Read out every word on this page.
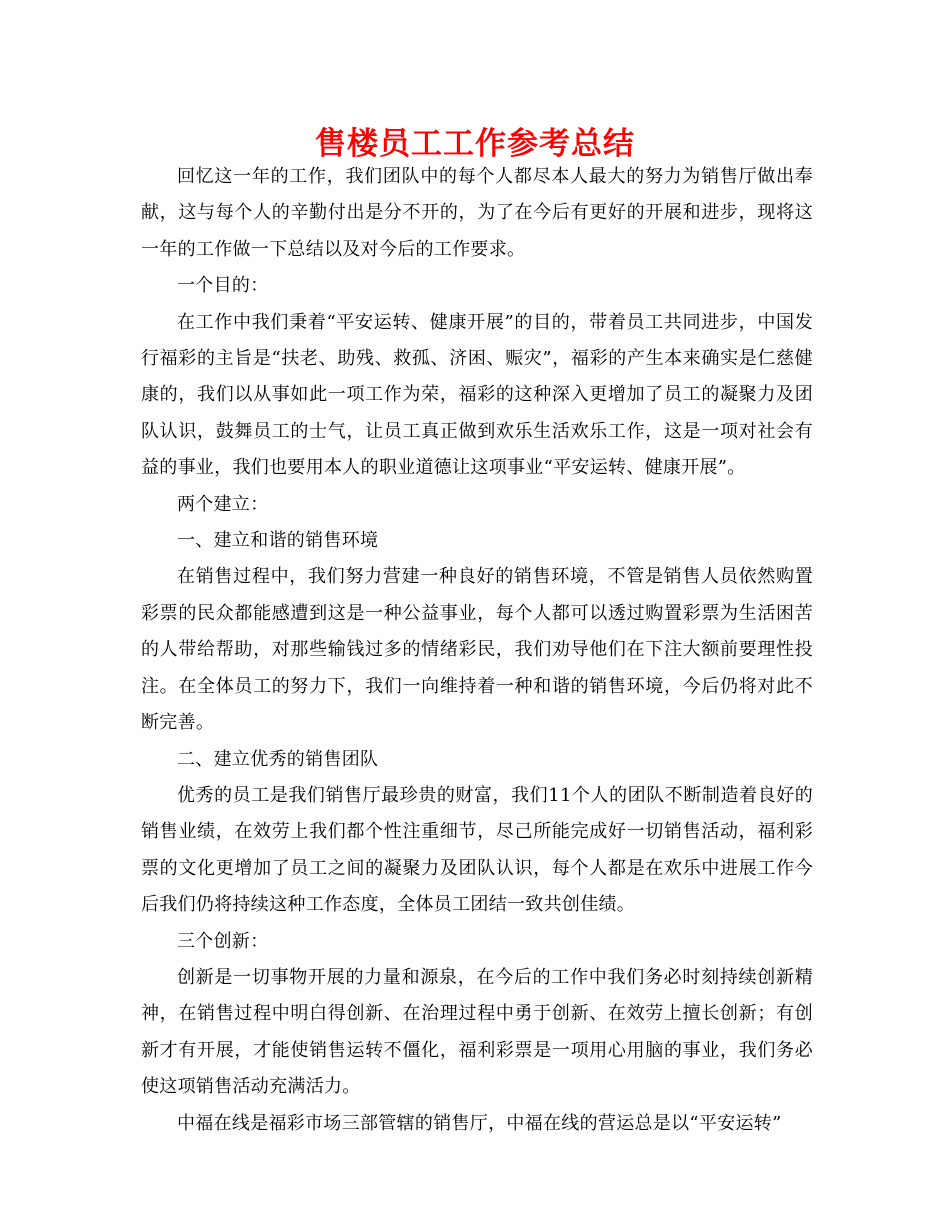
售楼员工工作参考总结

回忆这一年的工作，我们团队中的每个人都尽本人最大的努力为销售厅做出奉献，这与每个人的辛勤付出是分不开的，为了在今后有更好的开展和进步，现将这一年的工作做一下总结以及对今后的工作要求。

一个目的：

在工作中我们秉着“平安运转、健康开展”的目的，带着员工共同进步，中国发行福彩的主旨是“扶老、助残、救孤、济困、赈灾”，福彩的产生本来确实是仁慈健康的，我们以从事如此一项工作为荣，福彩的这种深入更增加了员工的凝聚力及团队认识，鼓舞员工的士气，让员工真正做到欢乐生活欢乐工作，这是一项对社会有益的事业，我们也要用本人的职业道德让这项事业“平安运转、健康开展”。

两个建立：

一、建立和谐的销售环境

在销售过程中，我们努力营建一种良好的销售环境，不管是销售人员依然购置彩票的民众都能感遭到这是一种公益事业，每个人都可以透过购置彩票为生活困苦的人带给帮助，对那些输钱过多的情绪彩民，我们劝导他们在下注大额前要理性投注。在全体员工的努力下，我们一向维持着一种和谐的销售环境，今后仍将对此不断完善。

二、建立优秀的销售团队

优秀的员工是我们销售厅最珍贵的财富，我们11个人的团队不断制造着良好的销售业绩，在效劳上我们都个性注重细节，尽己所能完成好一切销售活动，福利彩票的文化更增加了员工之间的凝聚力及团队认识，每个人都是在欢乐中进展工作今后我们仍将持续这种工作态度，全体员工团结一致共创佳绩。

三个创新：

创新是一切事物开展的力量和源泉，在今后的工作中我们务必时刻持续创新精神，在销售过程中明白得创新、在治理过程中勇于创新、在效劳上擅长创新；有创新才有开展，才能使销售运转不僵化，福利彩票是一项用心用脑的事业，我们务必使这项销售活动充满活力。

中福在线是福彩市场三部管辖的销售厅，中福在线的营运总是以“平安运转”
